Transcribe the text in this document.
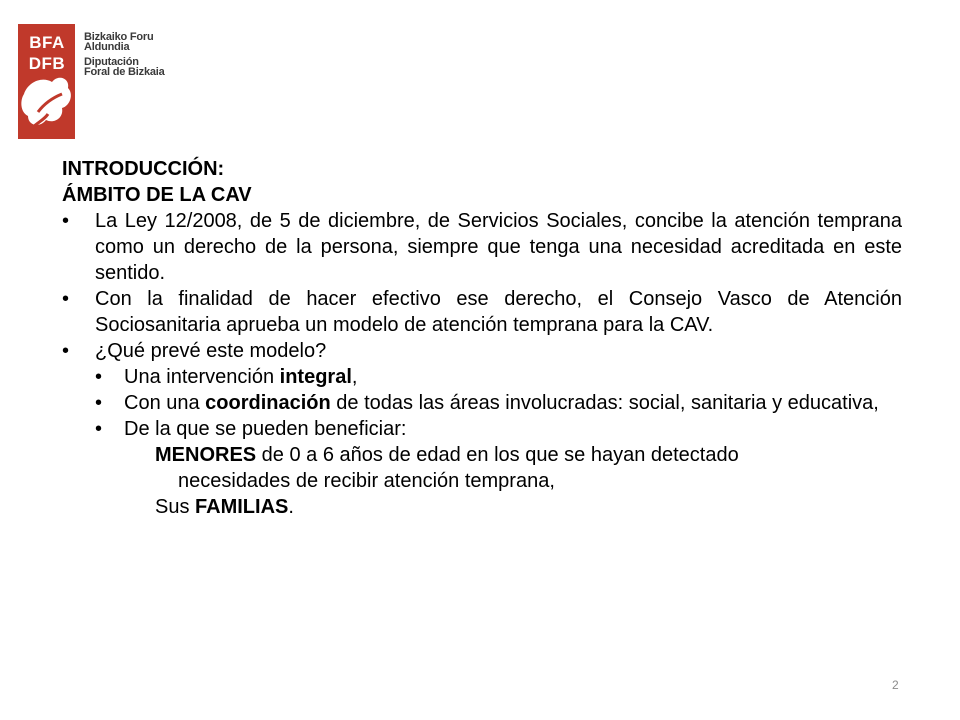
BFA
DFB
Bizkaiko Foru
Aldundia
Diputación
Foral de Bizkaia
INTRODUCCIÓN:
ÁMBITO DE LA CAV
• La Ley 12/2008, de 5 de diciembre, de Servicios Sociales, concibe la atención temprana como un derecho de la persona, siempre que tenga una necesidad acreditada en este sentido.
• Con la finalidad de hacer efectivo ese derecho, el Consejo Vasco de Atención Sociosanitaria aprueba un modelo de atención temprana para la CAV.
• ¿Qué prevé este modelo?
• Una intervención integral,
• Con una coordinación de todas las áreas involucradas: social, sanitaria y educativa,
• De la que se pueden beneficiar:
MENORES de 0 a 6 años de edad en los que se hayan detectado
necesidades de recibir atención temprana,
Sus FAMILIAS.
2
